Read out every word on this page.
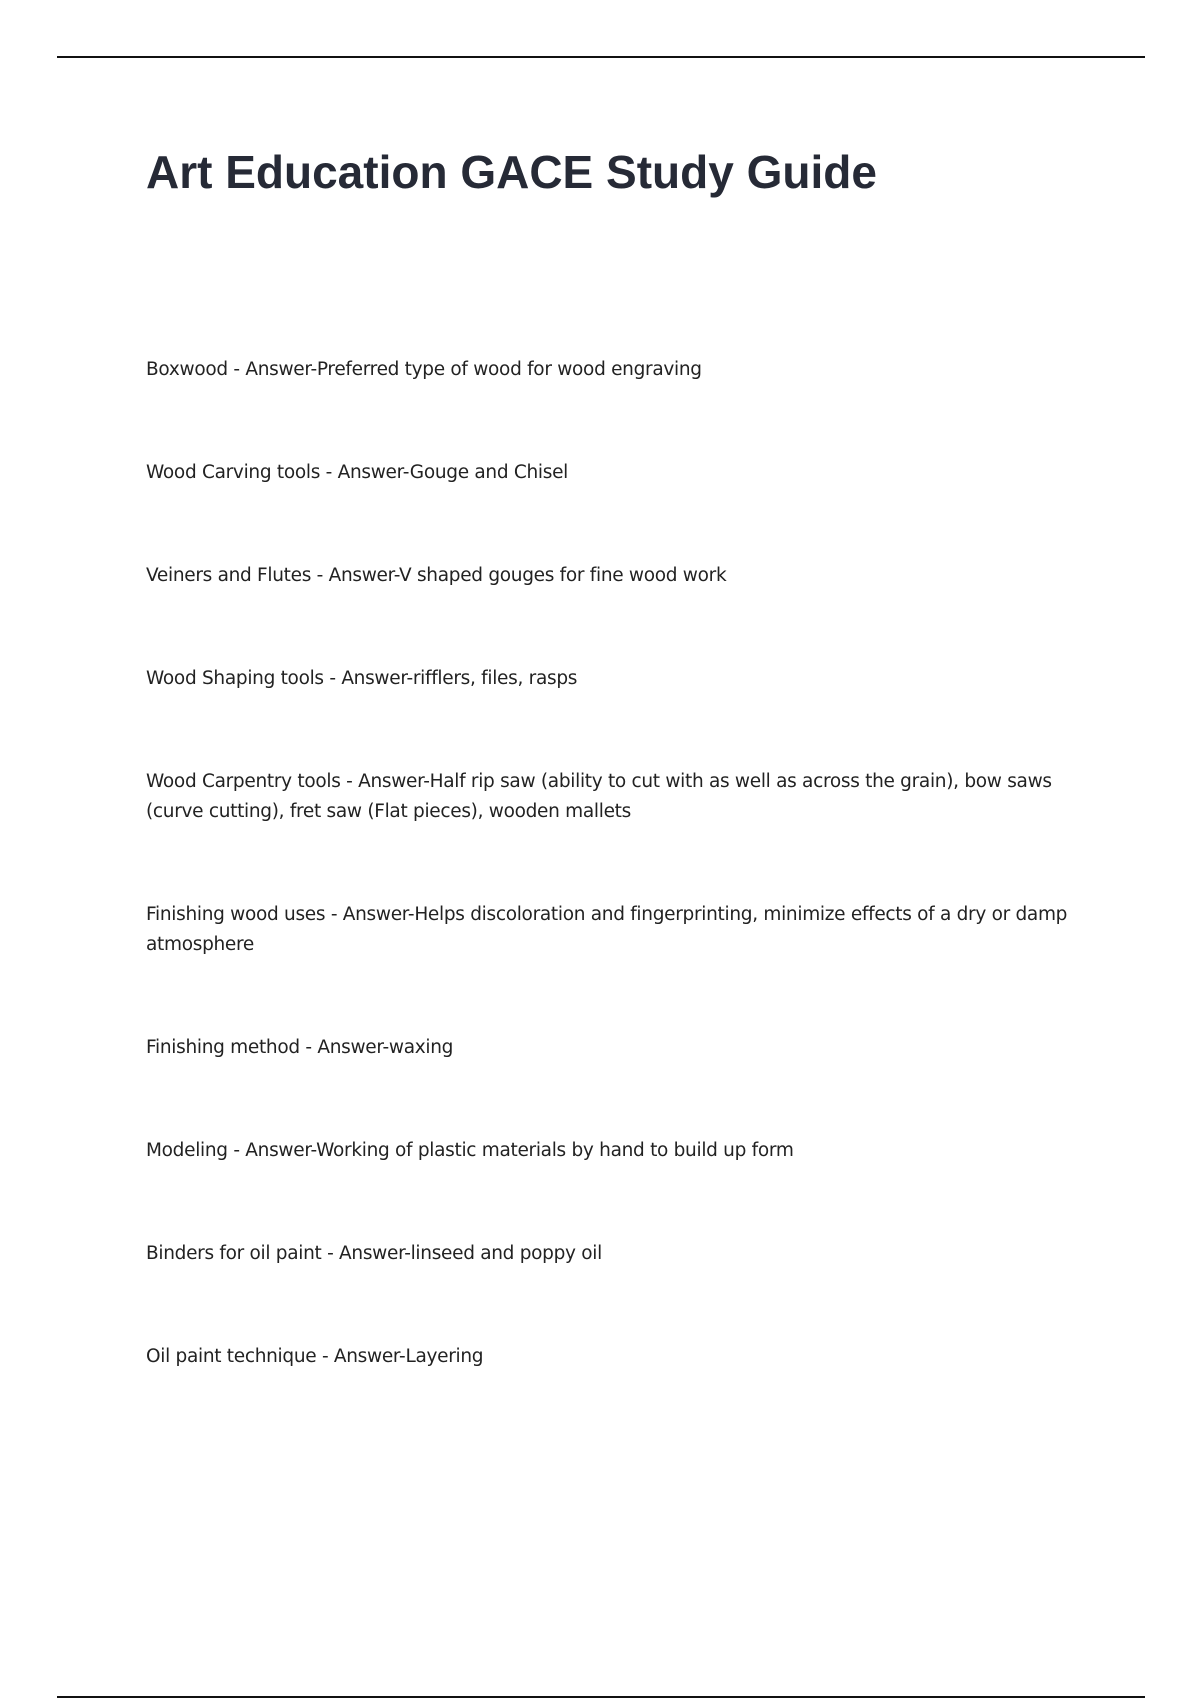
Art Education GACE Study Guide
Boxwood - Answer-Preferred type of wood for wood engraving
Wood Carving tools - Answer-Gouge and Chisel
Veiners and Flutes - Answer-V shaped gouges for fine wood work
Wood Shaping tools - Answer-rifflers, files, rasps
Wood Carpentry tools - Answer-Half rip saw (ability to cut with as well as across the grain), bow saws (curve cutting), fret saw (Flat pieces), wooden mallets
Finishing wood uses - Answer-Helps discoloration and fingerprinting, minimize effects of a dry or damp atmosphere
Finishing method - Answer-waxing
Modeling - Answer-Working of plastic materials by hand to build up form
Binders for oil paint - Answer-linseed and poppy oil
Oil paint technique - Answer-Layering
